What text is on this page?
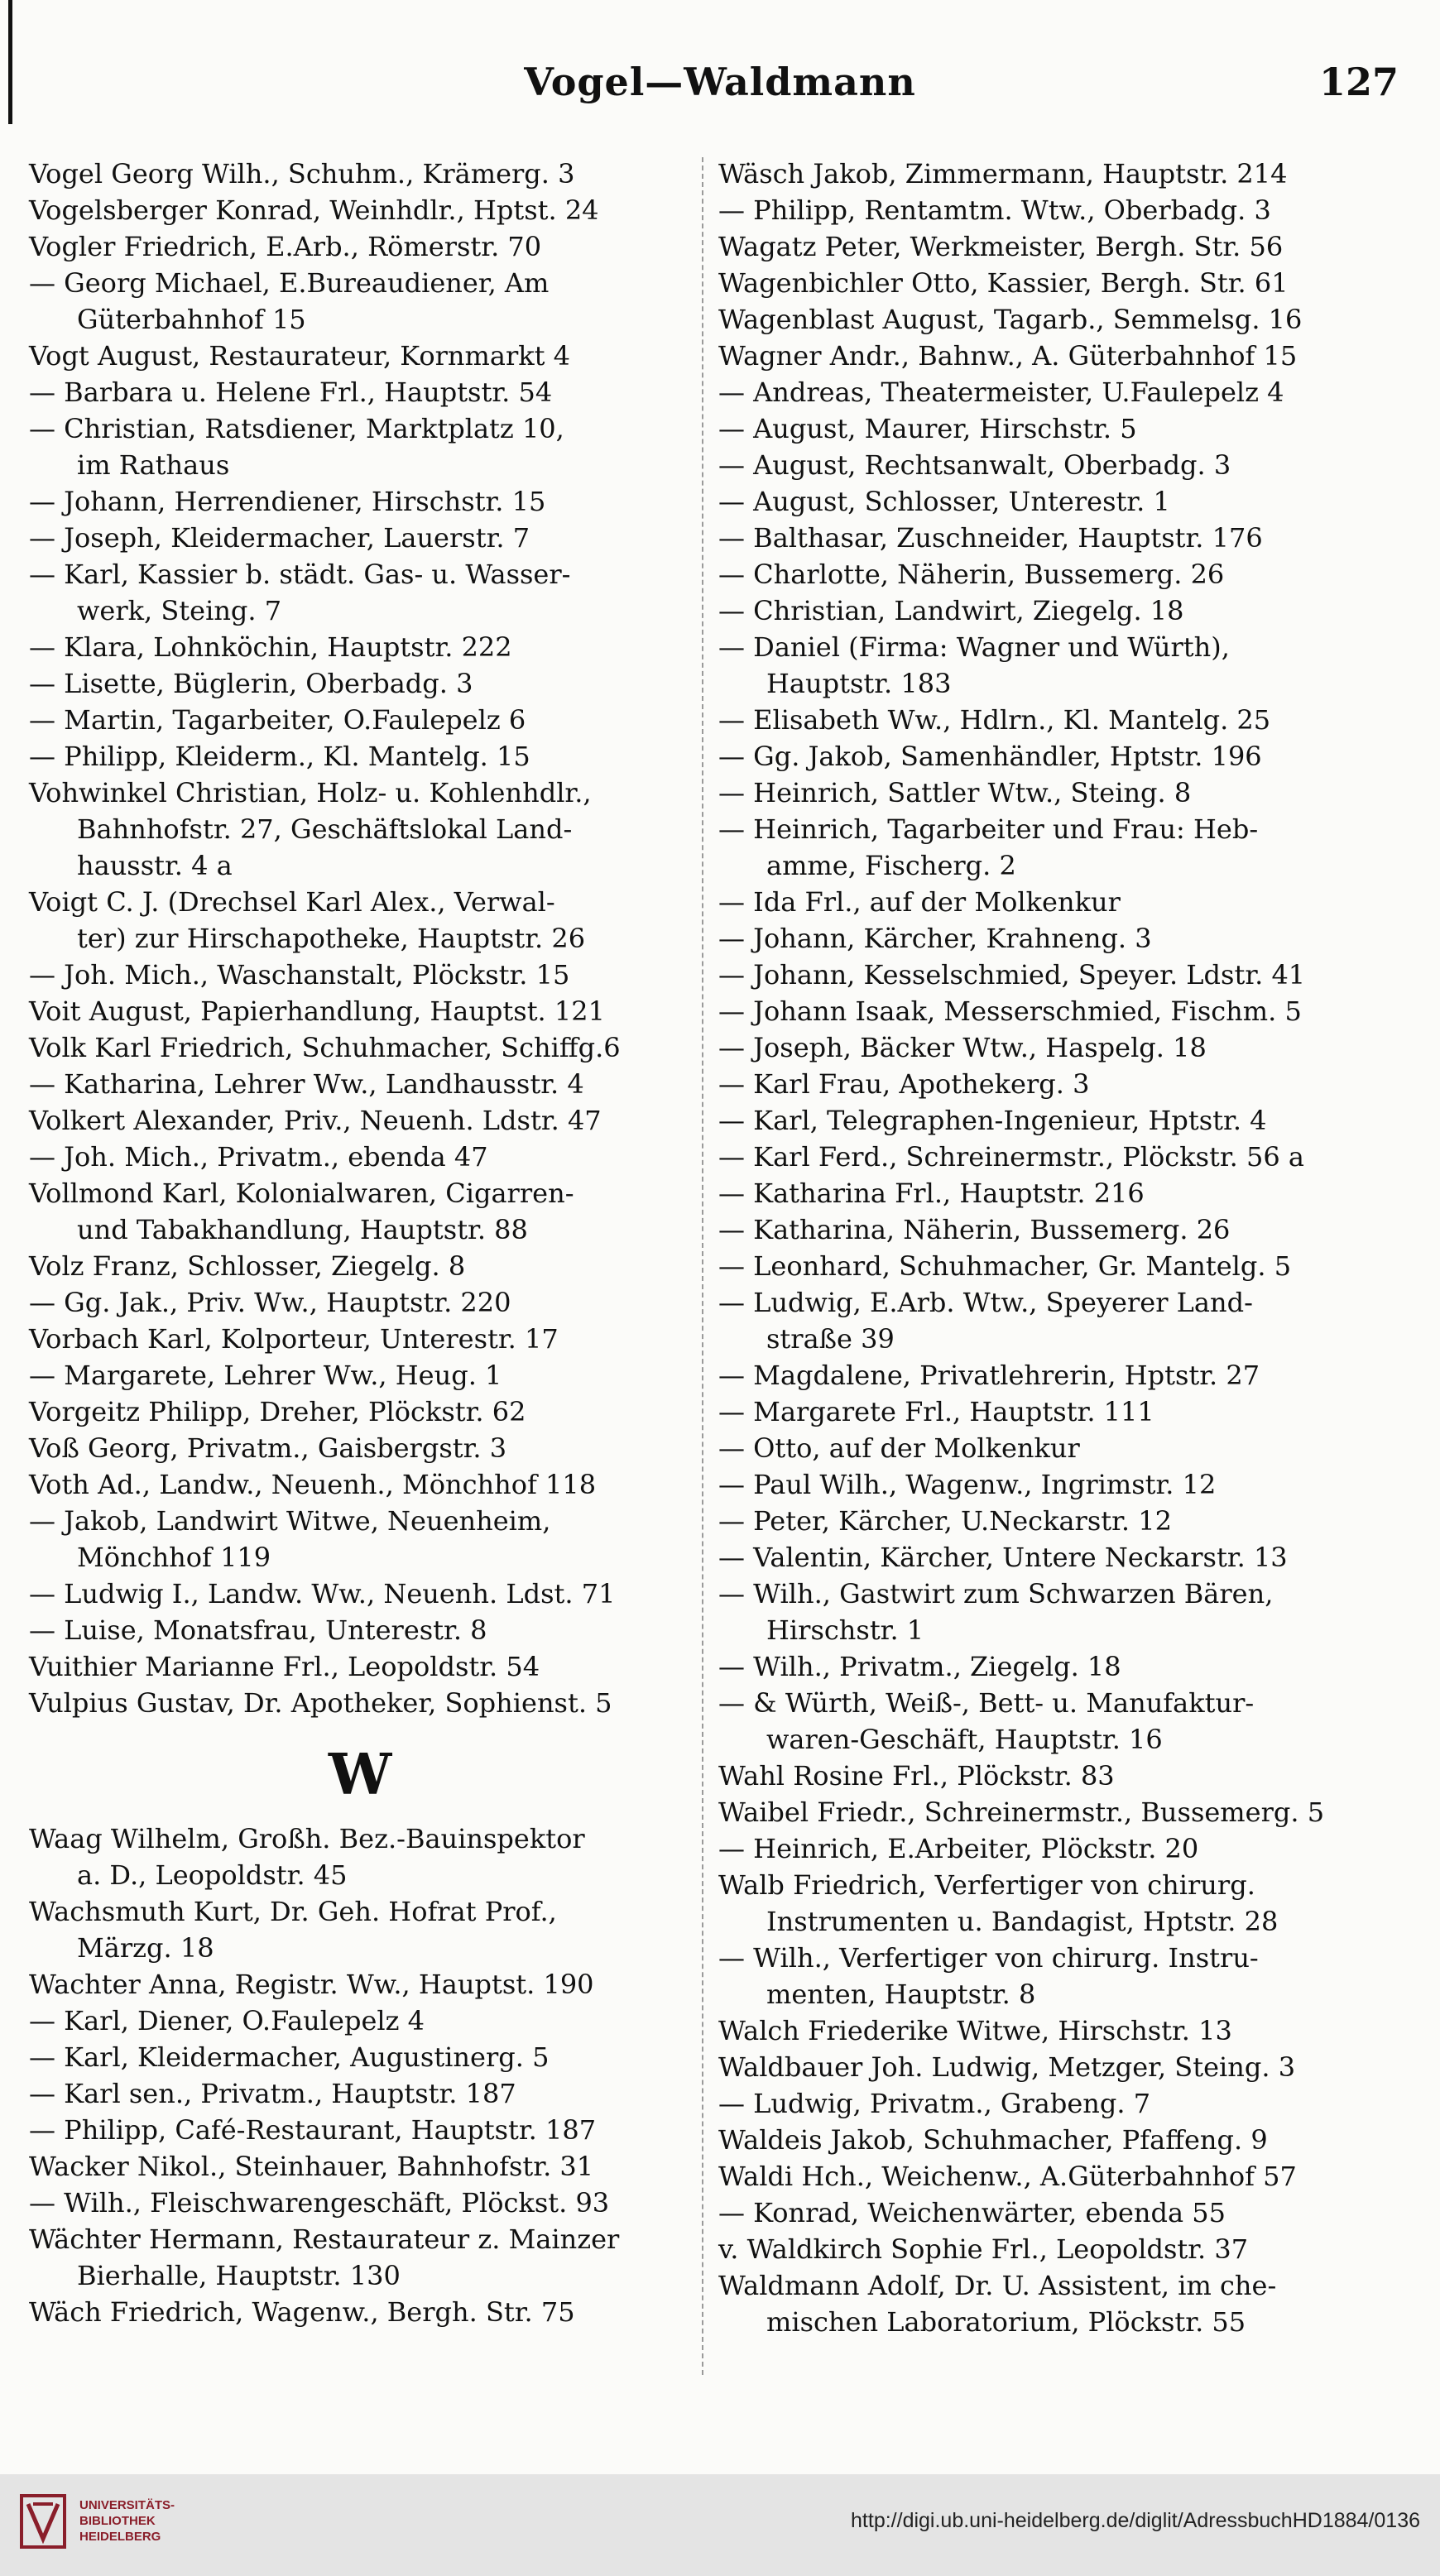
Vogel—Waldmann	127
Vogel Georg Wilh., Schuhm., Krämerg. 3
Vogelsberger Konrad, Weinhdlr., Hptst. 24
Vogler Friedrich, E.Arb., Römerstr. 70
— Georg Michael, E.Bureaudiener, Am

Güterbahnhof 15
Vogt August, Restaurateur, Kornmarkt 4
— Barbara u. Helene Frl., Hauptstr. 54
— Christian, Ratsdiener, Marktplatz 10,

im Rathaus
— Johann, Herrendiener, Hirschstr. 15
— Joseph, Kleidermacher, Lauerstr. 7
— Karl, Kassier b. städt. Gas- u. Wasser-

werk, Steing. 7
— Klara, Lohnköchin, Hauptstr. 222
— Lisette, Büglerin, Oberbadg. 3
— Martin, Tagarbeiter, O.Faulepelz 6
— Philipp, Kleiderm., Kl. Mantelg. 15
Vohwinkel Christian, Holz- u. Kohlenhdlr.,

Bahnhofstr. 27, Geschäftslokal Land-
hausstr. 4 a
Voigt C. J. (Drechsel Karl Alex., Verwal-

ter) zur Hirschapotheke, Hauptstr. 26
— Joh. Mich., Waschanstalt, Plöckstr. 15
Voit August, Papierhandlung, Hauptst. 121
Volk Karl Friedrich, Schuhmacher, Schiffg.6
— Katharina, Lehrer Ww., Landhausstr. 4
Volkert Alexander, Priv., Neuenh. Ldstr. 47
— Joh. Mich., Privatm., ebenda 47
Vollmond Karl, Kolonialwaren, Cigarren-

und Tabakhandlung, Hauptstr. 88
Volz Franz, Schlosser, Ziegelg. 8
— Gg. Jak., Priv. Ww., Hauptstr. 220
Vorbach Karl, Kolporteur, Unterestr. 17
— Margarete, Lehrer Ww., Heug. 1
Vorgeitz Philipp, Dreher, Plöckstr. 62
Voß Georg, Privatm., Gaisbergstr. 3
Voth Ad., Landw., Neuenh., Mönchhof 118
— Jakob, Landwirt Witwe, Neuenheim,

Mönchhof 119
— Ludwig I., Landw. Ww., Neuenh. Ldst. 71
— Luise, Monatsfrau, Unterestr. 8
Vuithier Marianne Frl., Leopoldstr. 54
Vulpius Gustav, Dr. Apotheker, Sophienst. 5
W
Waag Wilhelm, Großh. Bez.-Bauinspektor

a. D., Leopoldstr. 45
Wachsmuth Kurt, Dr. Geh. Hofrat Prof.,

Märzg. 18
Wachter Anna, Registr. Ww., Hauptst. 190
— Karl, Diener, O.Faulepelz 4
— Karl, Kleidermacher, Augustinerg. 5
— Karl sen., Privatm., Hauptstr. 187
— Philipp, Café-Restaurant, Hauptstr. 187
Wacker Nikol., Steinhauer, Bahnhofstr. 31
— Wilh., Fleischwarengeschäft, Plöckst. 93
Wächter Hermann, Restaurateur z. Mainzer

Bierhalle, Hauptstr. 130
Wäch Friedrich, Wagenw., Bergh. Str. 75
Wäsch Jakob, Zimmermann, Hauptstr. 214
— Philipp, Rentamtm. Wtw., Oberbadg. 3
Wagatz Peter, Werkmeister, Bergh. Str. 56
Wagenbichler Otto, Kassier, Bergh. Str. 61
Wagenblast August, Tagarb., Semmelsg. 16
Wagner Andr., Bahnw., A. Güterbahnhof 15
— Andreas, Theatermeister, U.Faulepelz 4
— August, Maurer, Hirschstr. 5
— August, Rechtsanwalt, Oberbadg. 3
— August, Schlosser, Unterestr. 1
— Balthasar, Zuschneider, Hauptstr. 176
— Charlotte, Näherin, Bussemerg. 26
— Christian, Landwirt, Ziegelg. 18
— Daniel (Firma: Wagner und Würth),

Hauptstr. 183
— Elisabeth Ww., Hdlrn., Kl. Mantelg. 25
— Gg. Jakob, Samenhändler, Hptstr. 196
— Heinrich, Sattler Wtw., Steing. 8
— Heinrich, Tagarbeiter und Frau: Heb-

amme, Fischerg. 2
— Ida Frl., auf der Molkenkur
— Johann, Kärcher, Krahneng. 3
— Johann, Kesselschmied, Speyer. Ldstr. 41
— Johann Isaak, Messerschmied, Fischm. 5
— Joseph, Bäcker Wtw., Haspelg. 18
— Karl Frau, Apothekerg. 3
— Karl, Telegraphen-Ingenieur, Hptstr. 4
— Karl Ferd., Schreinermstr., Plöckstr. 56 a
— Katharina Frl., Hauptstr. 216
— Katharina, Näherin, Bussemerg. 26
— Leonhard, Schuhmacher, Gr. Mantelg. 5
— Ludwig, E.Arb. Wtw., Speyerer Land-

straße 39
— Magdalene, Privatlehrerin, Hptstr. 27
— Margarete Frl., Hauptstr. 111
— Otto, auf der Molkenkur
— Paul Wilh., Wagenw., Ingrimstr. 12
— Peter, Kärcher, U.Neckarstr. 12
— Valentin, Kärcher, Untere Neckarstr. 13
— Wilh., Gastwirt zum Schwarzen Bären,

Hirschstr. 1
— Wilh., Privatm., Ziegelg. 18
— & Würth, Weiß-, Bett- u. Manufaktur-

waren-Geschäft, Hauptstr. 16
Wahl Rosine Frl., Plöckstr. 83
Waibel Friedr., Schreinermstr., Bussemerg. 5
— Heinrich, E.Arbeiter, Plöckstr. 20
Walb Friedrich, Verfertiger von chirurg.

Instrumenten u. Bandagist, Hptstr. 28
— Wilh., Verfertiger von chirurg. Instru-

menten, Hauptstr. 8
Walch Friederike Witwe, Hirschstr. 13
Waldbauer Joh. Ludwig, Metzger, Steing. 3
— Ludwig, Privatm., Grabeng. 7
Waldeis Jakob, Schuhmacher, Pfaffeng. 9
Waldi Hch., Weichenw., A.Güterbahnhof 57
— Konrad, Weichenwärter, ebenda 55
v. Waldkirch Sophie Frl., Leopoldstr. 37
Waldmann Adolf, Dr. U. Assistent, im che-

mischen Laboratorium, Plöckstr. 55
UNIVERSITÄTS-
BIBLIOTHEK
HEIDELBERG
http://digi.ub.uni-heidelberg.de/diglit/AdressbuchHD1884/0136
